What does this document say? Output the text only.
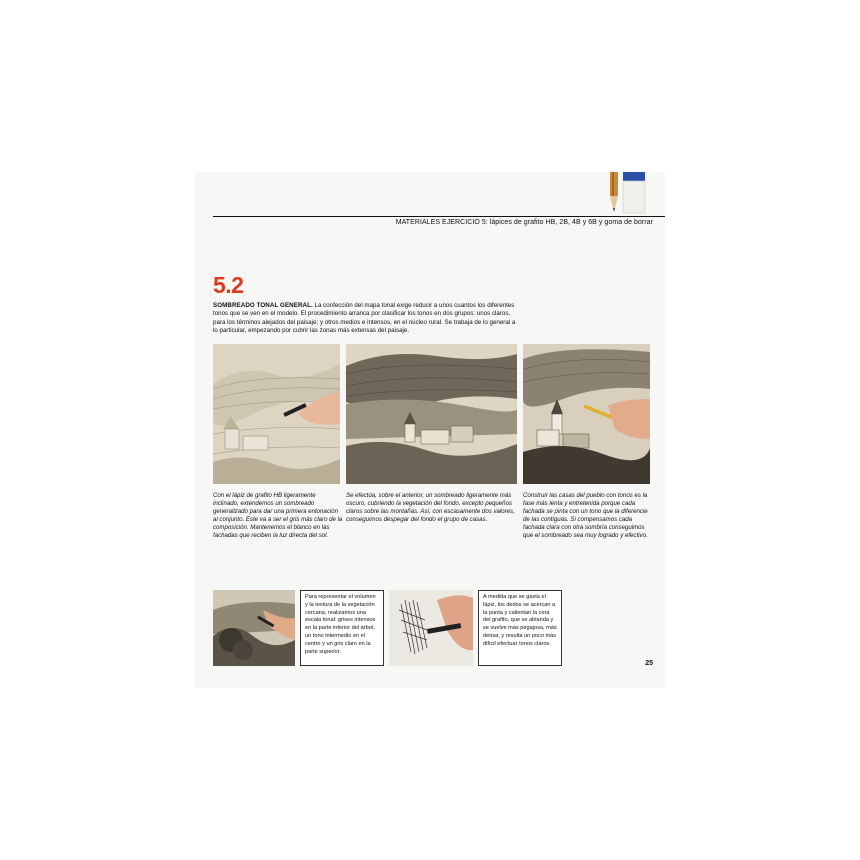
MATERIALES EJERCICIO 5: lápices de grafito HB, 2B, 4B y 6B y goma de borrar
5.2
SOMBREADO TONAL GENERAL. La confección del mapa tonal exige reducir a unos cuantos los diferentes tonos que se ven en el modelo. El procedimiento arranca por clasificar los tonos en dos grupos: unos claros, para los términos alejados del paisaje; y otros medios e intensos, en el núcleo rural. Se trabaja de lo general a lo particular, empezando por cubrir las zonas más extensas del paisaje.
Con el lápiz de grafito HB ligeramente inclinado, extendemos un sombreado generalizado para dar una primera entonación al conjunto. Este va a ser el gris más claro de la composición. Mantenemos el blanco en las fachadas que reciben la luz directa del sol.
Se efectúa, sobre el anterior, un sombreado ligeramente más oscuro, cubriendo la vegetación del fondo, excepto pequeños claros sobre las montañas. Así, con escasamente dos valores, conseguimos despegar del fondo el grupo de casas.
Construir las casas del pueblo con tonos es la fase más lenta y entretenida porque cada fachada se pinta con un tono que la diferencie de las contiguas. Si compensamos cada fachada clara con otra sombría conseguimos que el sombreado sea muy logrado y efectivo.
Para representar el volumen y la textura de la vegetación cercana, realizamos una escala tonal: grises intensos en la parte inferior del árbol, un tono intermedio en el centro y un gris claro en la parte superior.
A medida que se gasta el lápiz, los dedos se acercan a la punta y calientan la cera del grafito, que se ablanda y se vuelve más pegajosa, más densa, y resulta un poco más difícil efectuar tonos claros.
25
